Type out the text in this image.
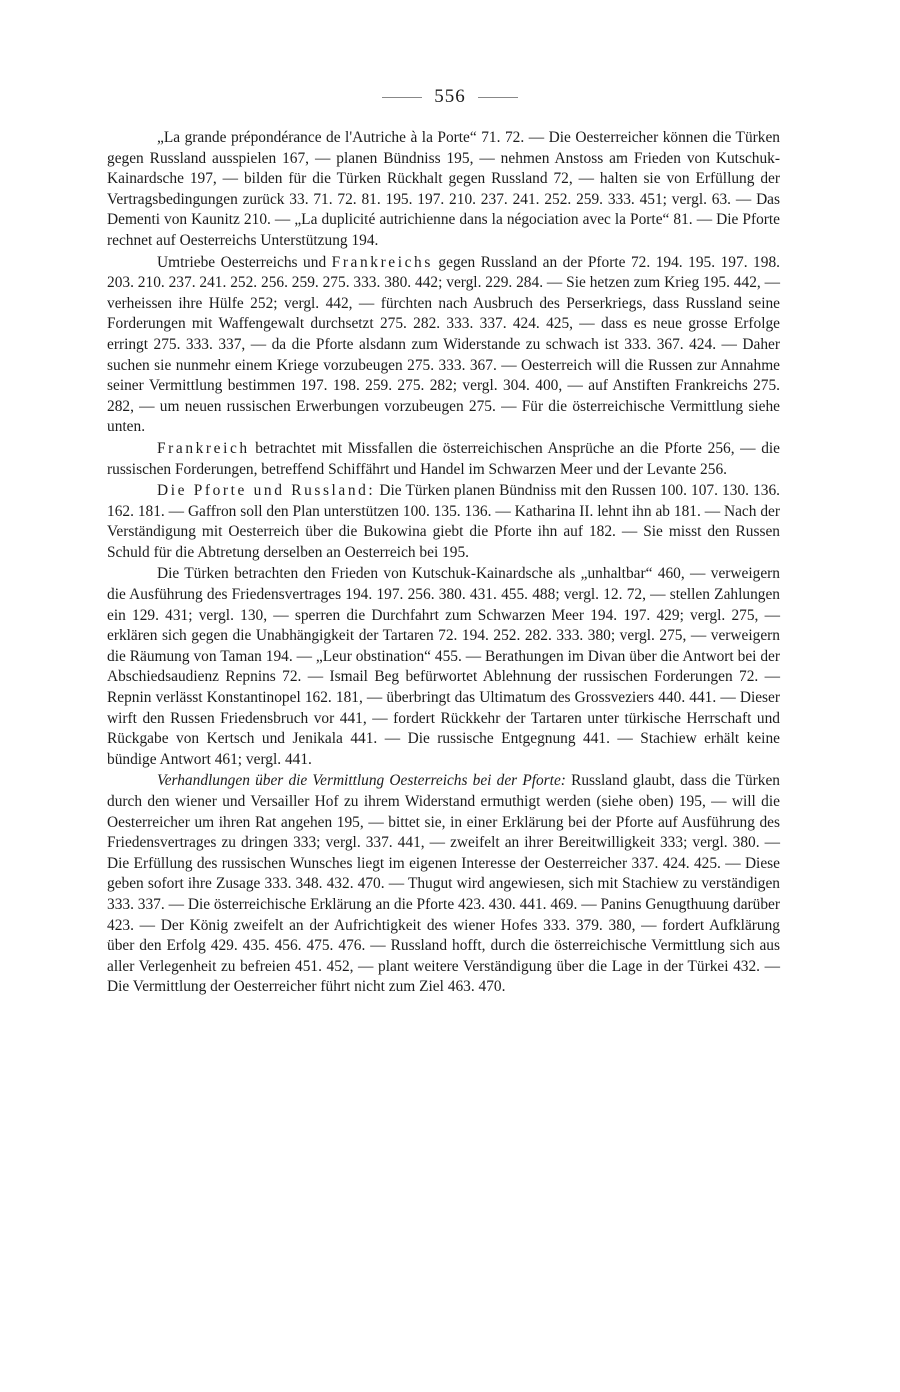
556

„La grande prépondérance de l'Autriche à la Porte“ 71. 72. — Die Oesterreicher können die Türken gegen Russland ausspielen 167, — planen Bündniss 195, — nehmen Anstoss am Frieden von Kutschuk-Kainardsche 197, — bilden für die Türken Rückhalt gegen Russland 72, — halten sie von Erfüllung der Vertragsbedingungen zurück 33. 71. 72. 81. 195. 197. 210. 237. 241. 252. 259. 333. 451; vergl. 63. — Das Dementi von Kaunitz 210. — „La duplicité autrichienne dans la négociation avec la Porte“ 81. — Die Pforte rechnet auf Oesterreichs Unterstützung 194.

Umtriebe Oesterreichs und Frankreichs gegen Russland an der Pforte 72. 194. 195. 197. 198. 203. 210. 237. 241. 252. 256. 259. 275. 333. 380. 442; vergl. 229. 284. — Sie hetzen zum Krieg 195. 442, — verheissen ihre Hülfe 252; vergl. 442, — fürchten nach Ausbruch des Perserkriegs, dass Russland seine Forderungen mit Waffengewalt durchsetzt 275. 282. 333. 337. 424. 425, — dass es neue grosse Erfolge erringt 275. 333. 337, — da die Pforte alsdann zum Widerstande zu schwach ist 333. 367. 424. — Daher suchen sie nunmehr einem Kriege vorzubeugen 275. 333. 367. — Oesterreich will die Russen zur Annahme seiner Vermittlung bestimmen 197. 198. 259. 275. 282; vergl. 304. 400, — auf Anstiften Frankreichs 275. 282, — um neuen russischen Erwerbungen vorzubeugen 275. — Für die österreichische Vermittlung siehe unten.

Frankreich betrachtet mit Missfallen die österreichischen Ansprüche an die Pforte 256, — die russischen Forderungen, betreffend Schiffährt und Handel im Schwarzen Meer und der Levante 256.

Die Pforte und Russland: Die Türken planen Bündniss mit den Russen 100. 107. 130. 136. 162. 181. — Gaffron soll den Plan unterstützen 100. 135. 136. — Katharina II. lehnt ihn ab 181. — Nach der Verständigung mit Oesterreich über die Bukowina giebt die Pforte ihn auf 182. — Sie misst den Russen Schuld für die Abtretung derselben an Oesterreich bei 195.

Die Türken betrachten den Frieden von Kutschuk-Kainardsche als „unhaltbar“ 460, — verweigern die Ausführung des Friedensvertrages 194. 197. 256. 380. 431. 455. 488; vergl. 12. 72, — stellen Zahlungen ein 129. 431; vergl. 130, — sperren die Durchfahrt zum Schwarzen Meer 194. 197. 429; vergl. 275, — erklären sich gegen die Unabhängigkeit der Tartaren 72. 194. 252. 282. 333. 380; vergl. 275, — verweigern die Räumung von Taman 194. — „Leur obstination“ 455. — Berathungen im Divan über die Antwort bei der Abschiedsaudienz Repnins 72. — Ismail Beg befürwortet Ablehnung der russischen Forderungen 72. — Repnin verlässt Konstantinopel 162. 181, — überbringt das Ultimatum des Grossveziers 440. 441. — Dieser wirft den Russen Friedensbruch vor 441, — fordert Rückkehr der Tartaren unter türkische Herrschaft und Rückgabe von Kertsch und Jenikala 441. — Die russische Entgegnung 441. — Stachiew erhält keine bündige Antwort 461; vergl. 441.

Verhandlungen über die Vermittlung Oesterreichs bei der Pforte: Russland glaubt, dass die Türken durch den wiener und Versailler Hof zu ihrem Widerstand ermuthigt werden (siehe oben) 195, — will die Oesterreicher um ihren Rat angehen 195, — bittet sie, in einer Erklärung bei der Pforte auf Ausführung des Friedensvertrages zu dringen 333; vergl. 337. 441, — zweifelt an ihrer Bereitwilligkeit 333; vergl. 380. — Die Erfüllung des russischen Wunsches liegt im eigenen Interesse der Oesterreicher 337. 424. 425. — Diese geben sofort ihre Zusage 333. 348. 432. 470. — Thugut wird angewiesen, sich mit Stachiew zu verständigen 333. 337. — Die österreichische Erklärung an die Pforte 423. 430. 441. 469. — Panins Genugthuung darüber 423. — Der König zweifelt an der Aufrichtigkeit des wiener Hofes 333. 379. 380, — fordert Aufklärung über den Erfolg 429. 435. 456. 475. 476. — Russland hofft, durch die österreichische Vermittlung sich aus aller Verlegenheit zu befreien 451. 452, — plant weitere Verständigung über die Lage in der Türkei 432. — Die Vermittlung der Oesterreicher führt nicht zum Ziel 463. 470.
